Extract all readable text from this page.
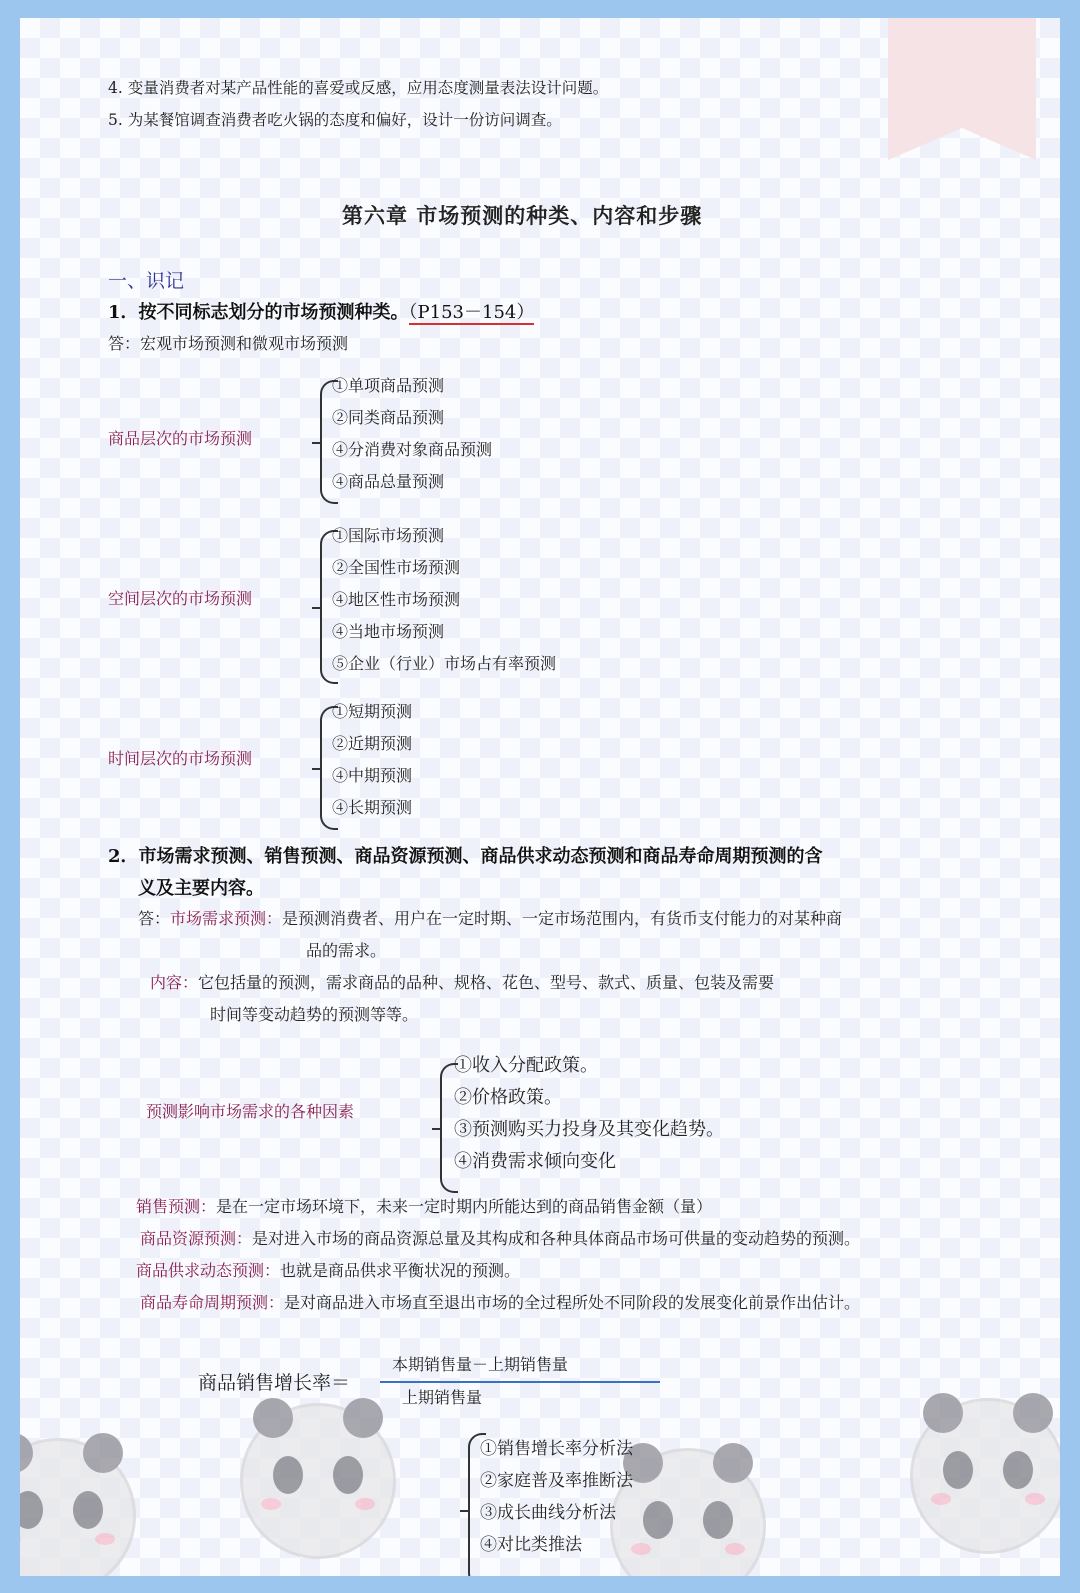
4. 变量消费者对某产品性能的喜爱或反感，应用态度测量表法设计问题。
5. 为某餐馆调查消费者吃火锅的态度和偏好，设计一份访问调查。
第六章 市场预测的种类、内容和步骤
一、识记
1．按不同标志划分的市场预测种类。（P153－154）
答：宏观市场预测和微观市场预测
商品层次的市场预测
①单项商品预测
②同类商品预测
④分消费对象商品预测
④商品总量预测
空间层次的市场预测
①国际市场预测
②全国性市场预测
④地区性市场预测
④当地市场预测
⑤企业（行业）市场占有率预测
时间层次的市场预测
①短期预测
②近期预测
④中期预测
④长期预测
2．市场需求预测、销售预测、商品资源预测、商品供求动态预测和商品寿命周期预测的含
义及主要内容。
答：市场需求预测：是预测消费者、用户在一定时期、一定市场范围内，有货币支付能力的对某种商
品的需求。
内容：它包括量的预测，需求商品的品种、规格、花色、型号、款式、质量、包装及需要
时间等变动趋势的预测等等。
预测影响市场需求的各种因素
①收入分配政策。
②价格政策。
③预测购买力投身及其变化趋势。
④消费需求倾向变化
销售预测：是在一定市场环境下，未来一定时期内所能达到的商品销售金额（量）
商品资源预测：是对进入市场的商品资源总量及其构成和各种具体商品市场可供量的变动趋势的预测。
商品供求动态预测：也就是商品供求平衡状况的预测。
商品寿命周期预测：是对商品进入市场直至退出市场的全过程所处不同阶段的发展变化前景作出估计。
商品销售增长率＝
本期销售量－上期销售量
上期销售量
①销售增长率分析法
②家庭普及率推断法
③成长曲线分析法
④对比类推法
